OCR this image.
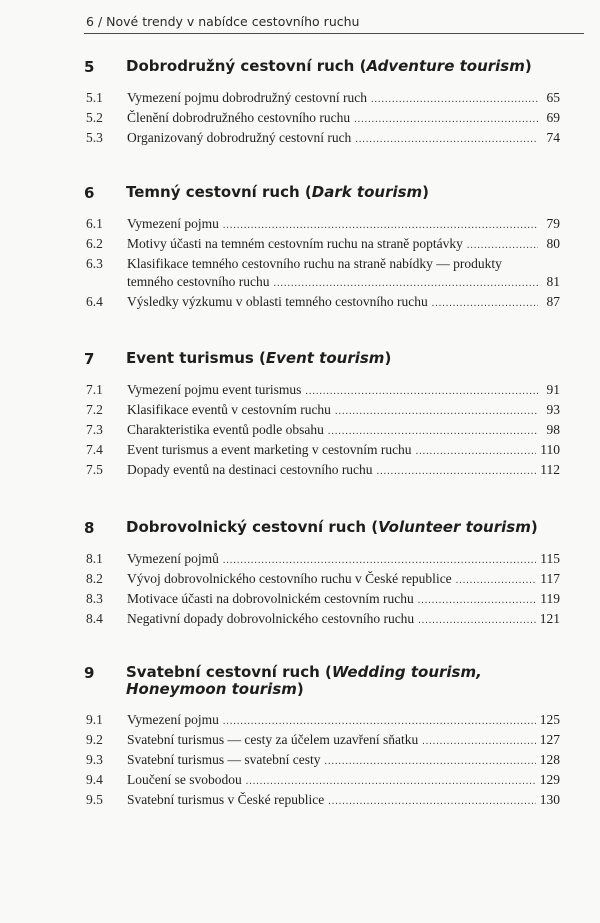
6 / Nové trendy v nabídce cestovního ruchu
5 Dobrodružný cestovní ruch (Adventure tourism)
5.1 Vymezení pojmu dobrodružný cestovní ruch .....	65
5.2 Členění dobrodružného cestovního ruchu .....	69
5.3 Organizovaný dobrodružný cestovní ruch .....	74
6 Temný cestovní ruch (Dark tourism)
6.1 Vymezení pojmu .....	79
6.2 Motivy účasti na temném cestovním ruchu na straně poptávky .....	80
6.3 Klasifikace temného cestovního ruchu na straně nabídky — produkty
temného cestovního ruchu .....	81
6.4 Výsledky výzkumu v oblasti temného cestovního ruchu .....	87
7 Event turismus (Event tourism)
7.1 Vymezení pojmu event turismus .....	91
7.2 Klasifikace eventů v cestovním ruchu .....	93
7.3 Charakteristika eventů podle obsahu .....	98
7.4 Event turismus a event marketing v cestovním ruchu .....	110
7.5 Dopady eventů na destinaci cestovního ruchu .....	112
8 Dobrovolnický cestovní ruch (Volunteer tourism)
8.1 Vymezení pojmů .....	115
8.2 Vývoj dobrovolnického cestovního ruchu v České republice .....	117
8.3 Motivace účasti na dobrovolnickém cestovním ruchu .....	119
8.4 Negativní dopady dobrovolnického cestovního ruchu .....	121
9 Svatební cestovní ruch (Wedding tourism, Honeymoon tourism)
9.1 Vymezení pojmu .....	125
9.2 Svatební turismus — cesty za účelem uzavření sňatku .....	127
9.3 Svatební turismus — svatební cesty .....	128
9.4 Loučení se svobodou .....	129
9.5 Svatební turismus v České republice .....	130
